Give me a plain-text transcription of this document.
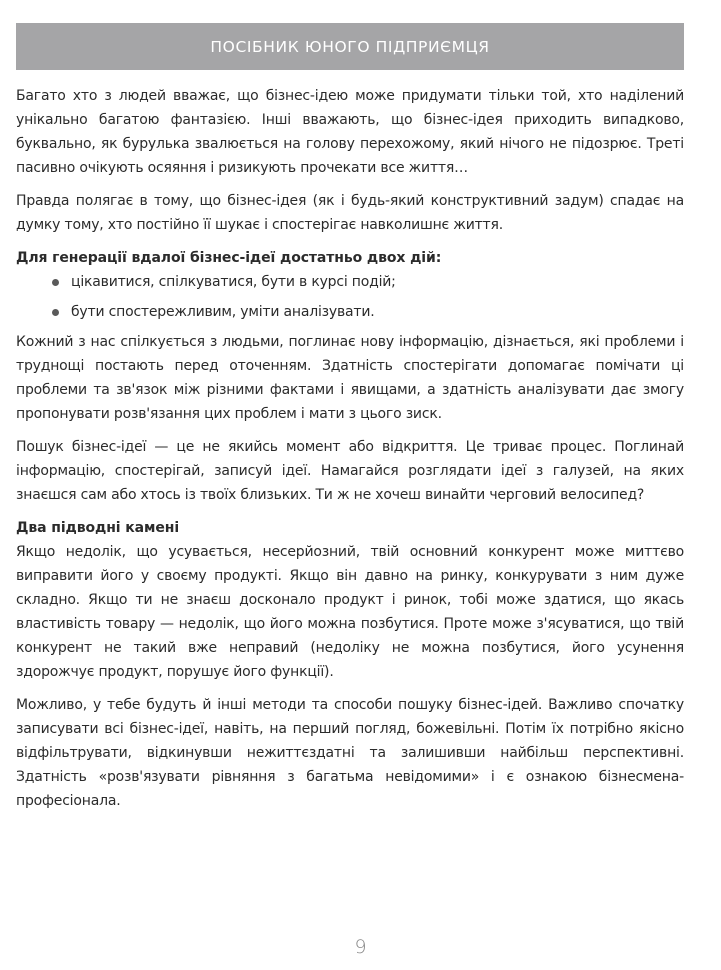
ПОСІБНИК ЮНОГО ПІДПРИЄМЦЯ

Багато хто з людей вважає, що бізнес-ідею може придумати тільки той, хто наділений унікально багатою фантазією. Інші вважають, що бізнес-ідея приходить випадково, буквально, як бурулька звалюється на голову перехожому, який нічого не підозрює. Треті пасивно очікують осяяння і ризикують прочекати все життя…

Правда полягає в тому, що бізнес-ідея (як і будь-який конструктивний задум) спадає на думку тому, хто постійно її шукає і спостерігає навколишнє життя.

Для генерації вдалої бізнес-ідеї достатньо двох дій:
цікавитися, спілкуватися, бути в курсі подій;
бути спостережливим, уміти аналізувати.

Кожний з нас спілкується з людьми, поглинає нову інформацію, дізнається, які проблеми і труднощі постають перед оточенням. Здатність спостерігати допомагає помічати ці проблеми та зв'язок між різними фактами і явищами, а здатність аналізувати дає змогу пропонувати розв'язання цих проблем і мати з цього зиск.

Пошук бізнес-ідеї — це не якийсь момент або відкриття. Це триває процес. Поглинай інформацію, спостерігай, записуй ідеї. Намагайся розглядати ідеї з галузей, на яких знаєшся сам або хтось із твоїх близьких. Ти ж не хочеш винайти черговий велосипед?

Два підводні камені

Якщо недолік, що усувається, несерйозний, твій основний конкурент може миттєво виправити його у своєму продукті. Якщо він давно на ринку, конкурувати з ним дуже складно. Якщо ти не знаєш досконало продукт і ринок, тобі може здатися, що якась властивість товару — недолік, що його можна позбутися. Проте може з'ясуватися, що твій конкурент не такий вже неправий (недоліку не можна позбутися, його усунення здорожчує продукт, порушує його функції).

Можливо, у тебе будуть й інші методи та способи пошуку бізнес-ідей. Важливо спочатку записувати всі бізнес-ідеї, навіть, на перший погляд, божевільні. Потім їх потрібно якісно відфільтрувати, відкинувши нежиттєздатні та залишивши найбільш перспективні. Здатність «розв'язувати рівняння з багатьма невідомими» і є ознакою бізнесмена-професіонала.

9
